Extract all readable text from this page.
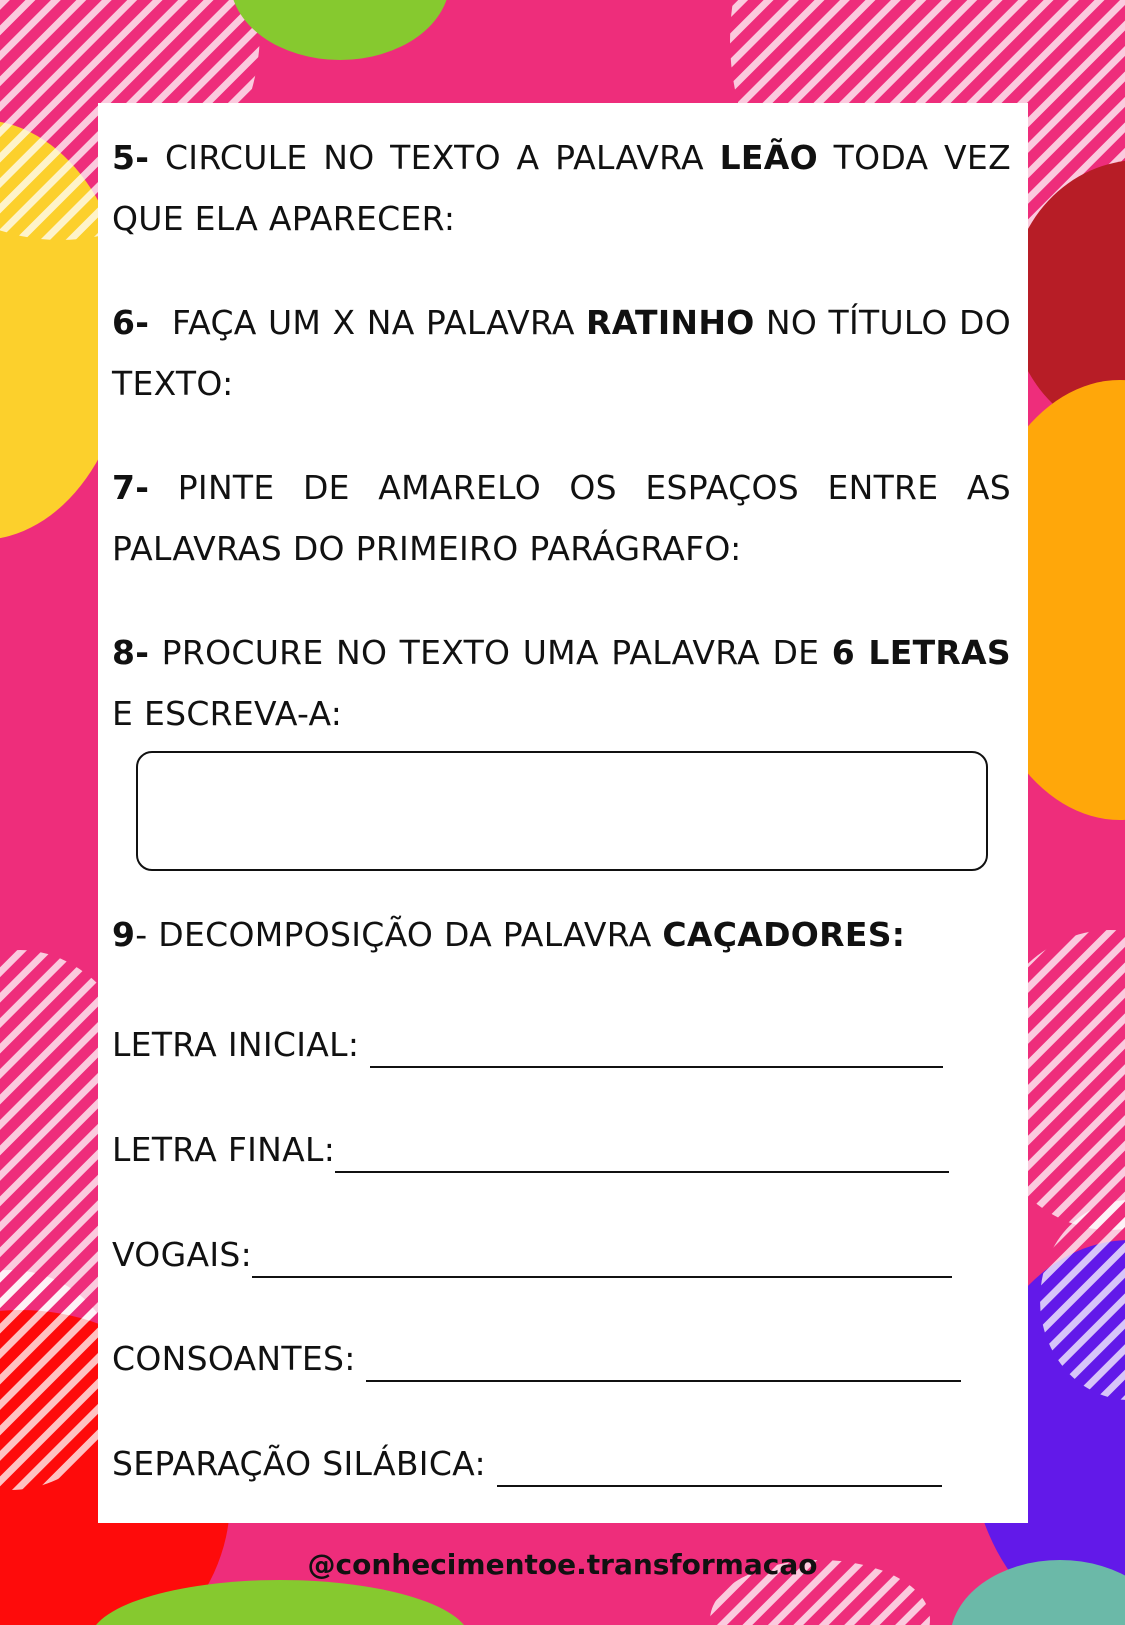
5- CIRCULE NO TEXTO A PALAVRA LEÃO TODA VEZ QUE ELA APARECER:
6-  FAÇA UM X NA PALAVRA RATINHO NO TÍTULO DO TEXTO:
7- PINTE DE AMARELO OS ESPAÇOS ENTRE AS PALAVRAS DO PRIMEIRO PARÁGRAFO:
8- PROCURE NO TEXTO UMA PALAVRA DE 6 LETRAS E ESCREVA-A:
9- DECOMPOSIÇÃO DA PALAVRA CAÇADORES:
LETRA INICIAL:
LETRA FINAL:
VOGAIS:
CONSOANTES:
SEPARAÇÃO SILÁBICA:
@conhecimentoe.transformacao
